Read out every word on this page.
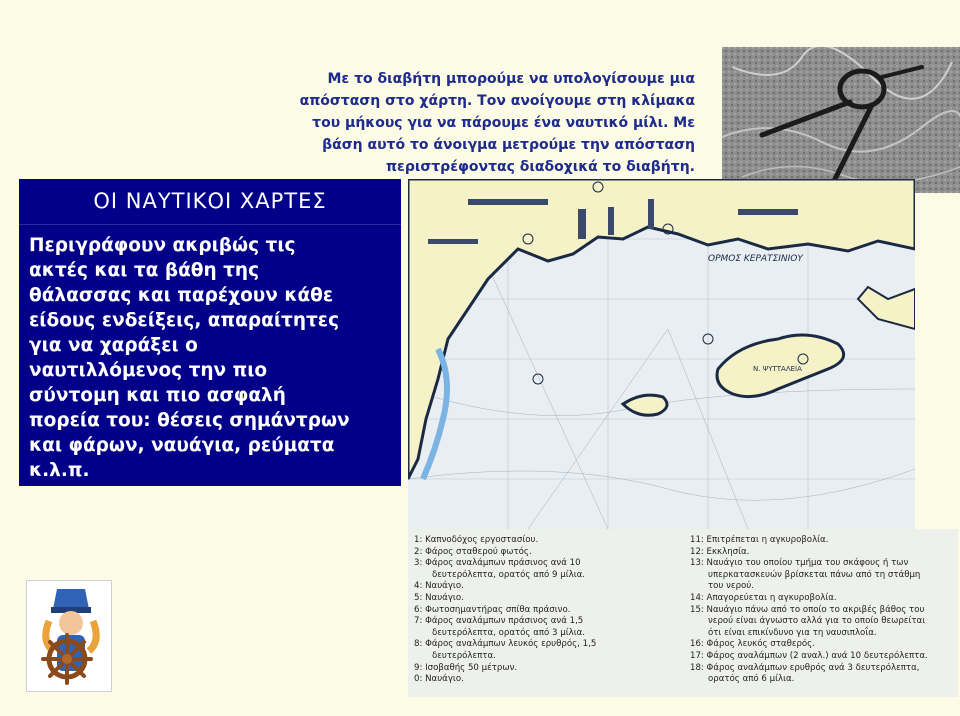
Με το διαβήτη μπορούμε να υπολογίσουμε μια
απόσταση στο χάρτη. Τον ανοίγουμε στη κλίμακα
του μήκους για να πάρουμε ένα ναυτικό μίλι. Με
βάση αυτό το άνοιγμα μετρούμε την απόσταση
περιστρέφοντας διαδοχικά το διαβήτη.
ΟΙ ΝΑΥΤΙΚΟΙ ΧΑΡΤΕΣ
Περιγράφουν ακριβώς τις
ακτές και τα βάθη της
θάλασσας και παρέχουν κάθε
είδους ενδείξεις, απαραίτητες
για να χαράξει ο
ναυτιλλόμενος την πιο
σύντομη και πιο ασφαλή
πορεία του: θέσεις σημάντρων
και φάρων, ναυάγια, ρεύματα
κ.λ.π.
ΟΡΜΟΣ ΚΕΡΑΤΣΙΝΙΟΥ
Ν. ΨΥΤΤΑΛΕΙΑ
1: Καπνοδόχος εργοστασίου.
2: Φάρος σταθερού φωτός.
3: Φάρος αναλάμπων πράσινος ανά 10
δευτερόλεπτα, ορατός από 9 μίλια.
4: Ναυάγιο.
5: Ναυάγιο.
6: Φωτοσημαντήρας σπίθα πράσινο.
7: Φάρος αναλάμπων πράσινος ανά 1,5
δευτερόλεπτα, ορατός από 3 μίλια.
8: Φάρος αναλάμπων λευκός ερυθρός, 1,5
δευτερόλεπτα.
9: Ισοβαθής 50 μέτρων.
0: Ναυάγιο.
11: Επιτρέπεται η αγκυροβολία.
12: Εκκλησία.
13: Ναυάγιο του οποίου τμήμα του σκάφους ή των
υπερκατασκευών βρίσκεται πάνω από τη στάθμη
του νερού.
14: Απαγορεύεται η αγκυροβολία.
15: Ναυάγιο πάνω από το οποίο το ακριβές βάθος του
νερού είναι άγνωστο αλλά για το οποίο θεωρείται
ότι είναι επικίνδυνο για τη ναυσιπλοΐα.
16: Φάρος λευκός σταθερός.
17: Φάρος αναλάμπων (2 αναλ.) ανά 10 δευτερόλεπτα.
18: Φάρος αναλάμπων ερυθρός ανά 3 δευτερόλεπτα,
ορατός από 6 μίλια.
